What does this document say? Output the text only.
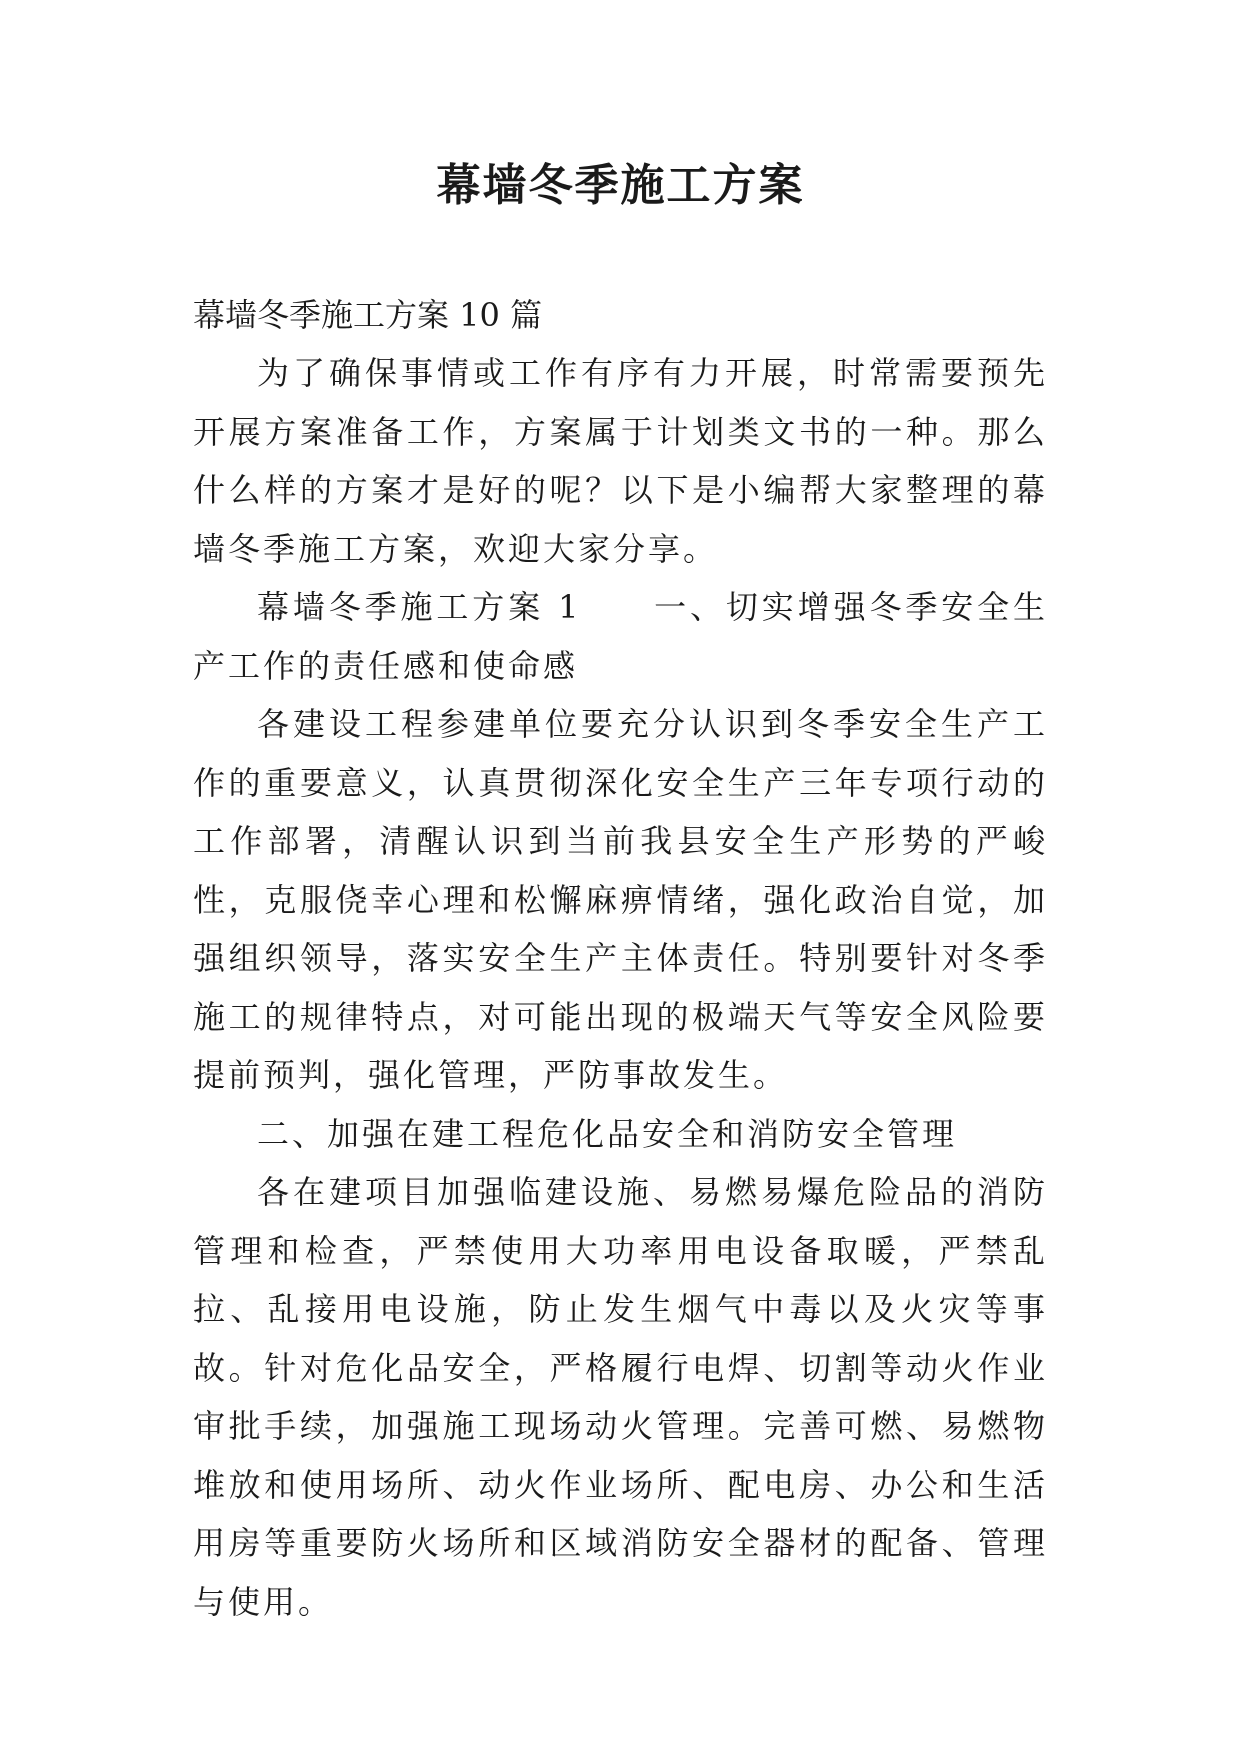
幕墙冬季施工方案
幕墙冬季施工方案 10 篇

为了确保事情或工作有序有力开展，时常需要预先开展方案准备工作，方案属于计划类文书的一种。那么什么样的方案才是好的呢？以下是小编帮大家整理的幕墙冬季施工方案，欢迎大家分享。

幕墙冬季施工方案 1　　一、切实增强冬季安全生产工作的责任感和使命感

各建设工程参建单位要充分认识到冬季安全生产工作的重要意义，认真贯彻深化安全生产三年专项行动的工作部署，清醒认识到当前我县安全生产形势的严峻性，克服侥幸心理和松懈麻痹情绪，强化政治自觉，加强组织领导，落实安全生产主体责任。特别要针对冬季施工的规律特点，对可能出现的极端天气等安全风险要提前预判，强化管理，严防事故发生。

二、加强在建工程危化品安全和消防安全管理

各在建项目加强临建设施、易燃易爆危险品的消防管理和检查，严禁使用大功率用电设备取暖，严禁乱拉、乱接用电设施，防止发生烟气中毒以及火灾等事故。针对危化品安全，严格履行电焊、切割等动火作业审批手续，加强施工现场动火管理。完善可燃、易燃物堆放和使用场所、动火作业场所、配电房、办公和生活用房等重要防火场所和区域消防安全器材的配备、管理与使用。
